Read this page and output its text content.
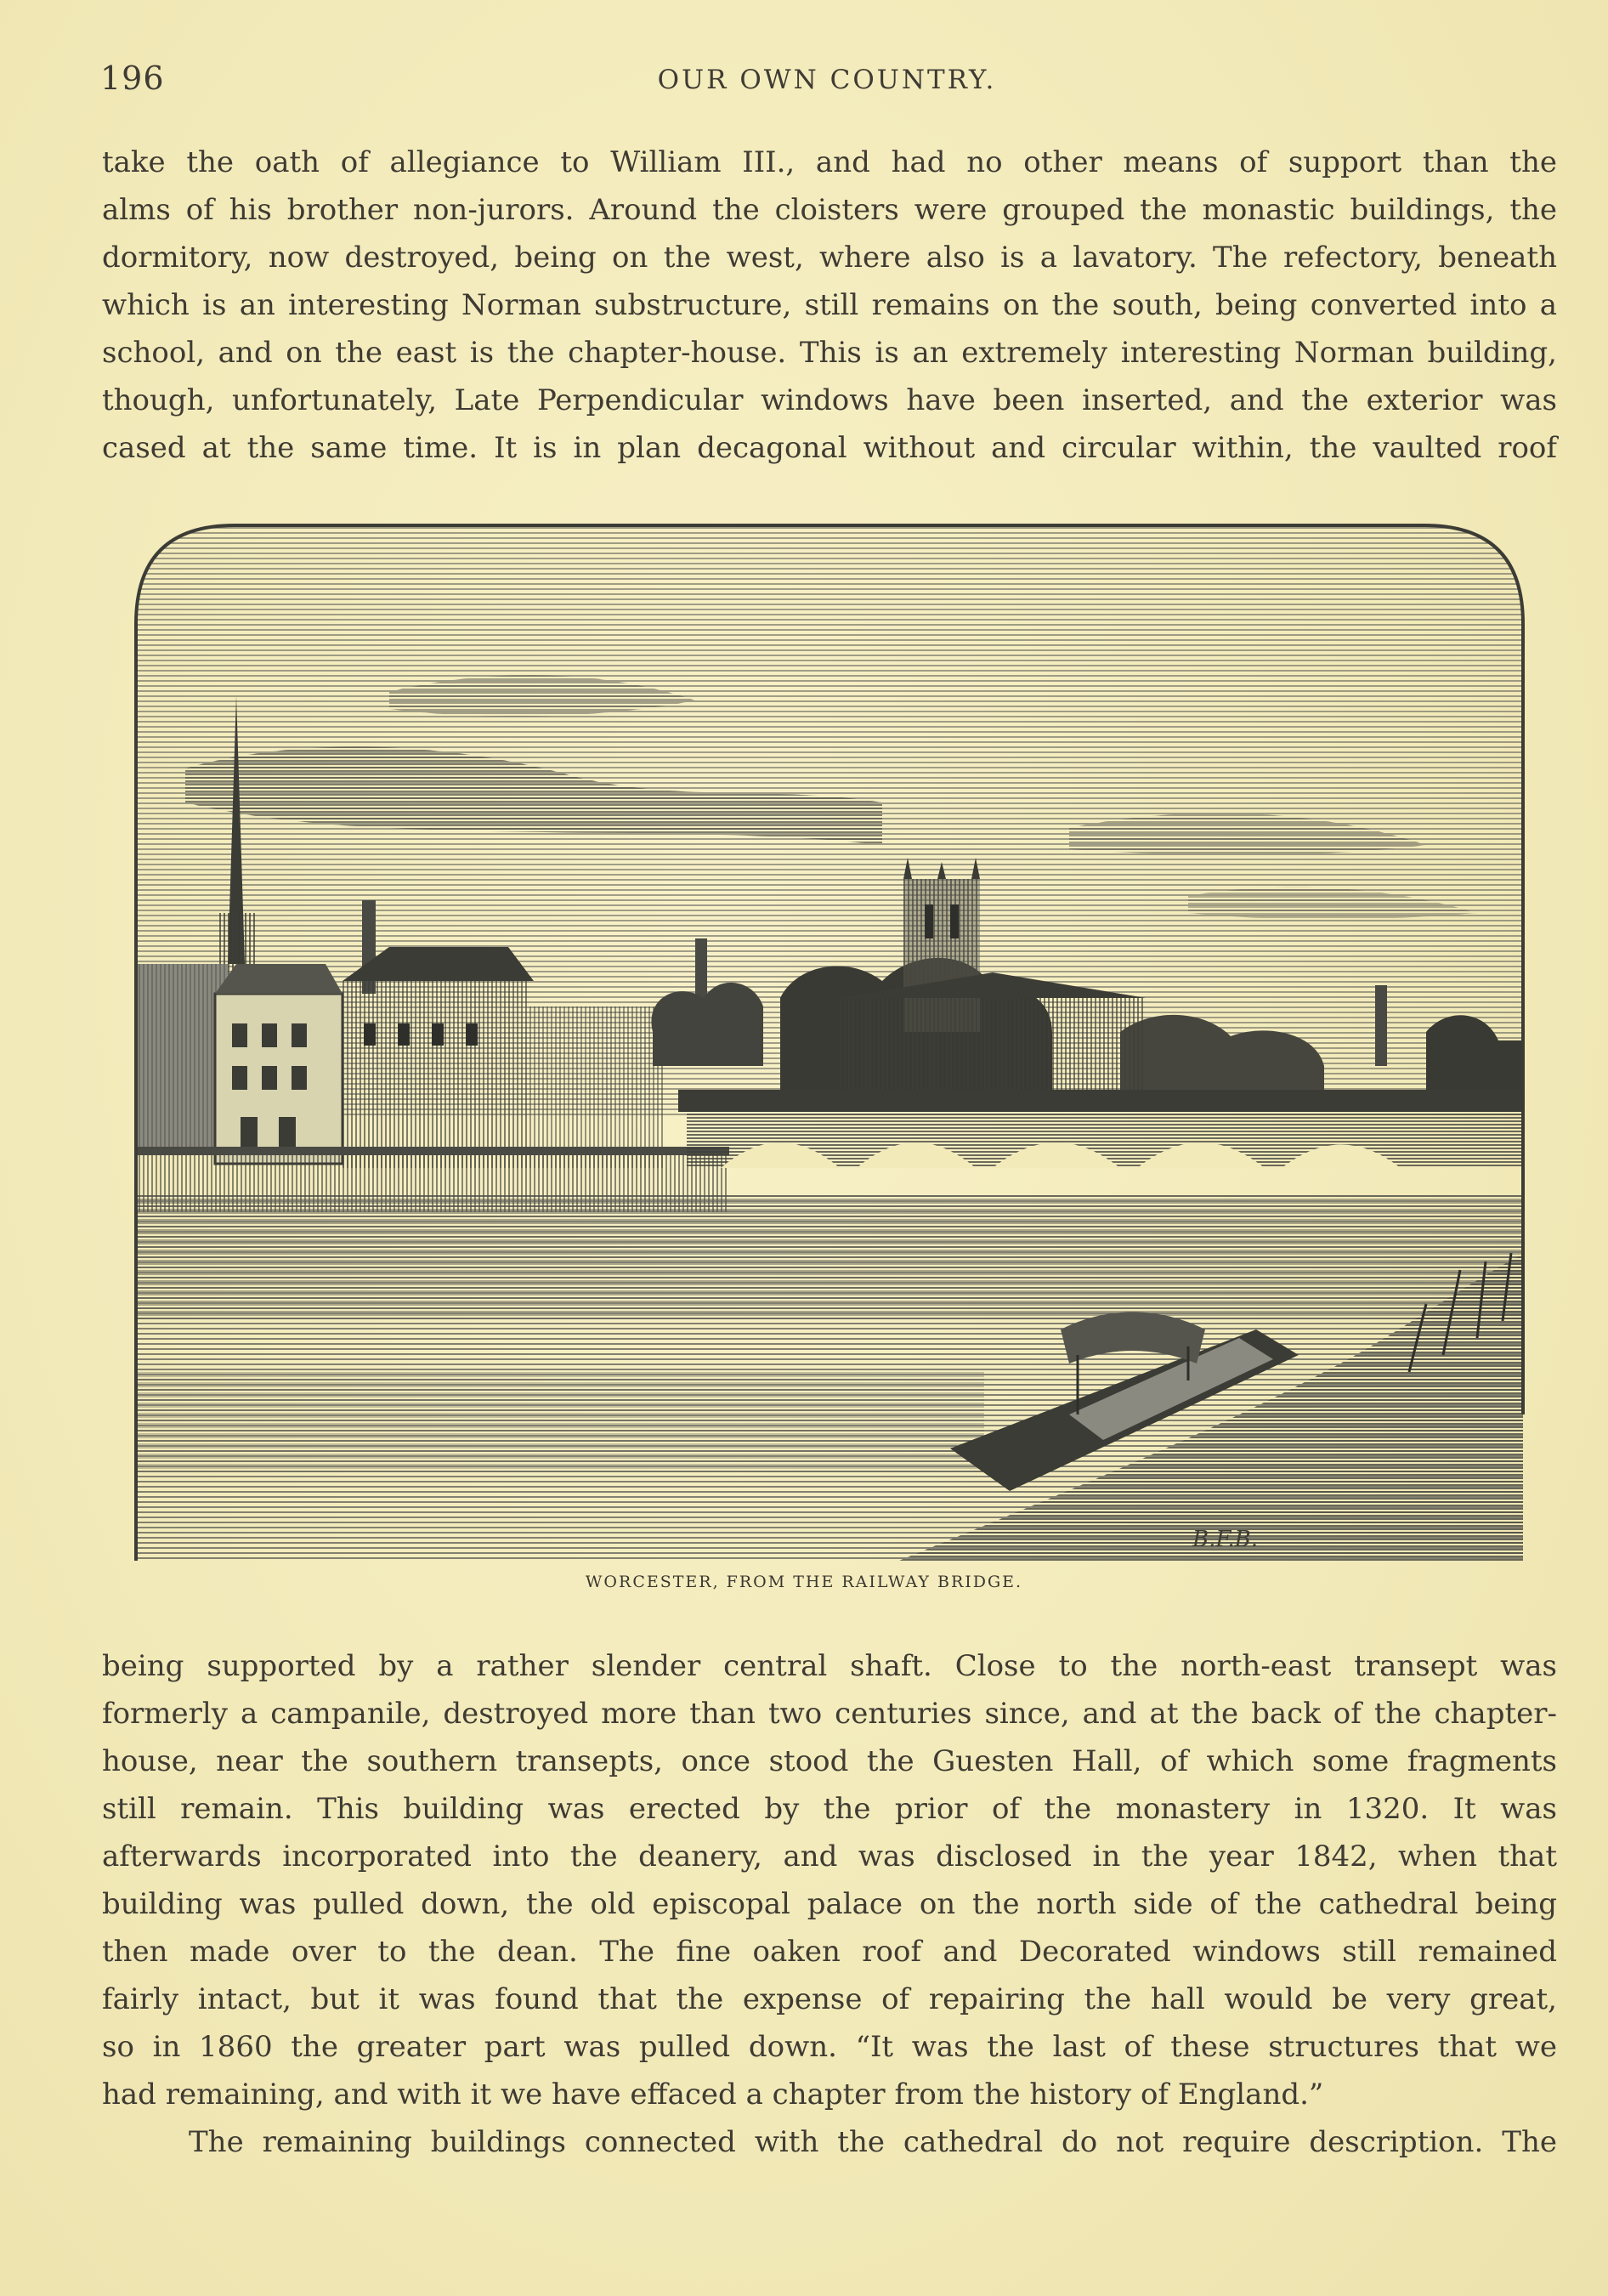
196	OUR OWN COUNTRY.
take the oath of allegiance to William III., and had no other means of support than the
alms of his brother non-jurors. Around the cloisters were grouped the monastic buildings, the
dormitory, now destroyed, being on the west, where also is a lavatory. The refectory, beneath
which is an interesting Norman substructure, still remains on the south, being converted into a
school, and on the east is the chapter-house. This is an extremely interesting Norman building,
though, unfortunately, Late Perpendicular windows have been inserted, and the exterior was
cased at the same time. It is in plan decagonal without and circular within, the vaulted roof
B.F.B.
WORCESTER, FROM THE RAILWAY BRIDGE.
being supported by a rather slender central shaft. Close to the north-east transept was
formerly a campanile, destroyed more than two centuries since, and at the back of the chapter-
house, near the southern transepts, once stood the Guesten Hall, of which some fragments
still remain. This building was erected by the prior of the monastery in 1320. It was
afterwards incorporated into the deanery, and was disclosed in the year 1842, when that
building was pulled down, the old episcopal palace on the north side of the cathedral being
then made over to the dean. The fine oaken roof and Decorated windows still remained
fairly intact, but it was found that the expense of repairing the hall would be very great,
so in 1860 the greater part was pulled down. “It was the last of these structures that we
had remaining, and with it we have effaced a chapter from the history of England.”
The remaining buildings connected with the cathedral do not require description. The
